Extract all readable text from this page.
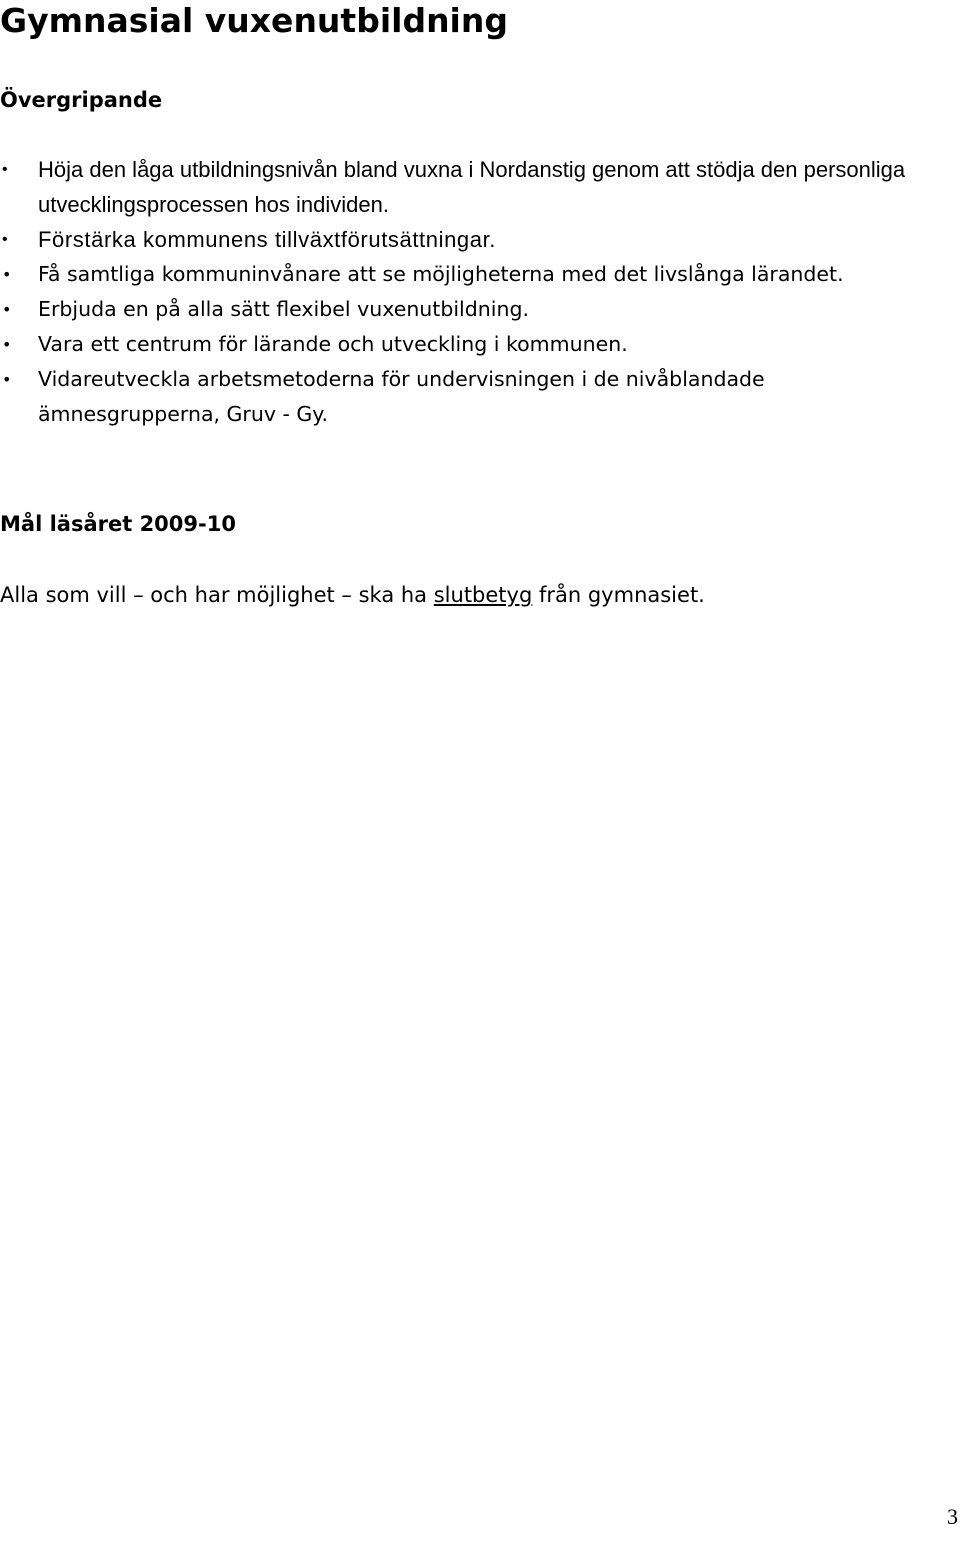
Gymnasial vuxenutbildning
Övergripande
• Höja den låga utbildningsnivån bland vuxna i Nordanstig genom att stödja den personliga utvecklingsprocessen hos individen.
• Förstärka kommunens tillväxtförutsättningar.
• Få samtliga kommuninvånare att se möjligheterna med det livslånga lärandet.
• Erbjuda en på alla sätt flexibel vuxenutbildning.
• Vara ett centrum för lärande och utveckling i kommunen.
• Vidareutveckla arbetsmetoderna för undervisningen i de nivåblandade ämnesgrupperna, Gruv - Gy.
Mål läsåret 2009-10

Alla som vill – och har möjlighet – ska ha slutbetyg från gymnasiet.

3
